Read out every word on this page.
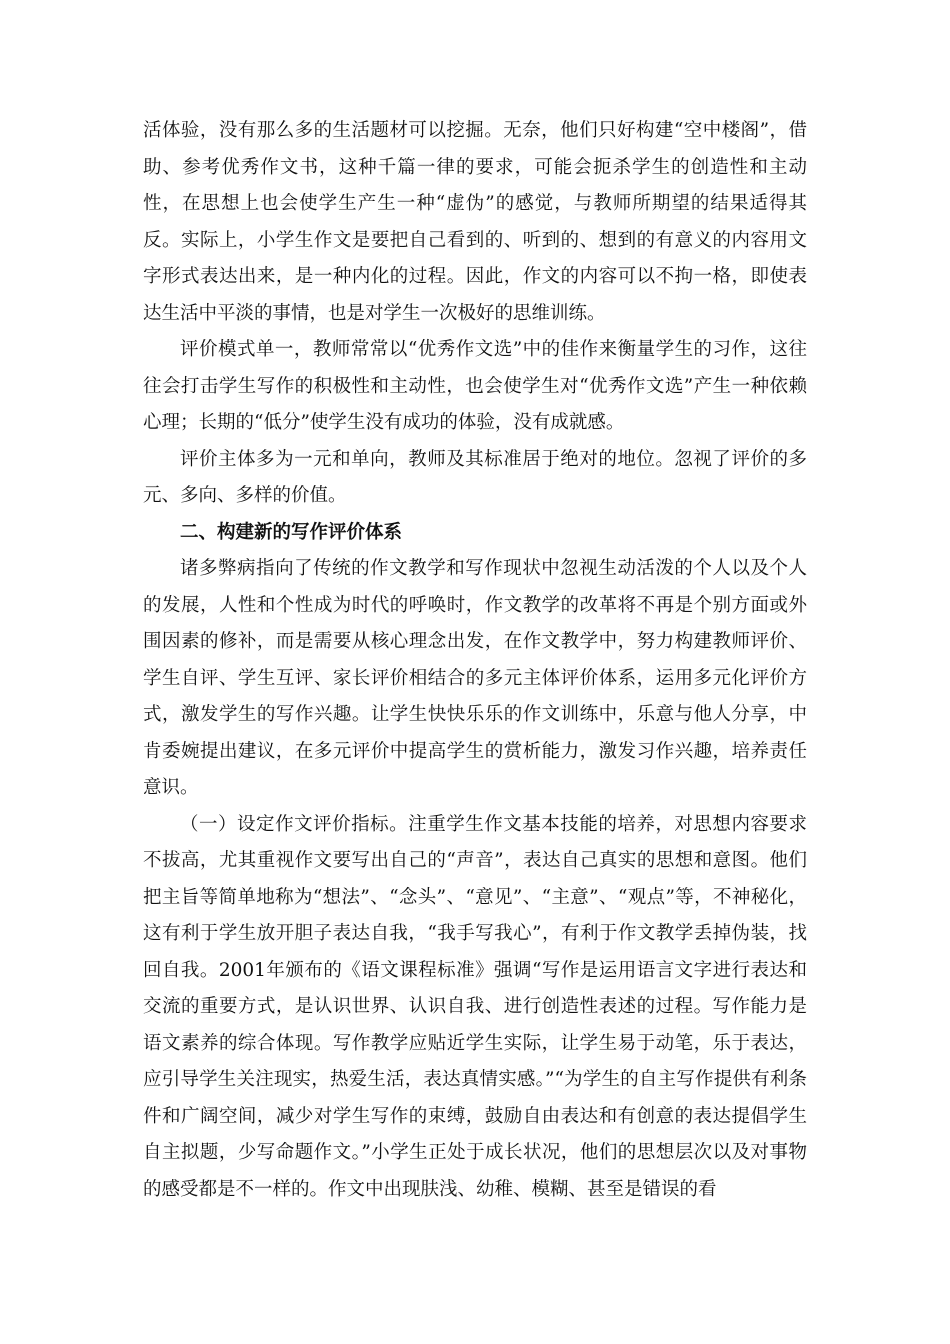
活体验，没有那么多的生活题材可以挖掘。无奈，他们只好构建“空中楼阁”，借助、参考优秀作文书，这种千篇一律的要求，可能会扼杀学生的创造性和主动性，在思想上也会使学生产生一种“虚伪”的感觉，与教师所期望的结果适得其反。实际上，小学生作文是要把自己看到的、听到的、想到的有意义的内容用文字形式表达出来，是一种内化的过程。因此，作文的内容可以不拘一格，即使表达生活中平淡的事情，也是对学生一次极好的思维训练。

评价模式单一，教师常常以“优秀作文选”中的佳作来衡量学生的习作，这往往会打击学生写作的积极性和主动性，也会使学生对“优秀作文选”产生一种依赖心理；长期的“低分”使学生没有成功的体验，没有成就感。

评价主体多为一元和单向，教师及其标准居于绝对的地位。忽视了评价的多元、多向、多样的价值。

二、构建新的写作评价体系

诸多弊病指向了传统的作文教学和写作现状中忽视生动活泼的个人以及个人的发展，人性和个性成为时代的呼唤时，作文教学的改革将不再是个别方面或外围因素的修补，而是需要从核心理念出发，在作文教学中，努力构建教师评价、学生自评、学生互评、家长评价相结合的多元主体评价体系，运用多元化评价方式，激发学生的写作兴趣。让学生快快乐乐的作文训练中，乐意与他人分享，中肯委婉提出建议，在多元评价中提高学生的赏析能力，激发习作兴趣，培养责任意识。

（一）设定作文评价指标。注重学生作文基本技能的培养，对思想内容要求不拔高，尤其重视作文要写出自己的“声音”，表达自己真实的思想和意图。他们把主旨等简单地称为“想法”、“念头”、“意见”、“主意”、“观点”等，不神秘化，这有利于学生放开胆子表达自我，“我手写我心”，有利于作文教学丢掉伪装，找回自我。2001年颁布的《语文课程标准》强调“写作是运用语言文字进行表达和交流的重要方式，是认识世界、认识自我、进行创造性表述的过程。写作能力是语文素养的综合体现。写作教学应贴近学生实际，让学生易于动笔，乐于表达，应引导学生关注现实，热爱生活，表达真情实感。”“为学生的自主写作提供有利条件和广阔空间，减少对学生写作的束缚，鼓励自由表达和有创意的表达提倡学生自主拟题，少写命题作文。”小学生正处于成长状况，他们的思想层次以及对事物的感受都是不一样的。作文中出现肤浅、幼稚、模糊、甚至是错误的看
